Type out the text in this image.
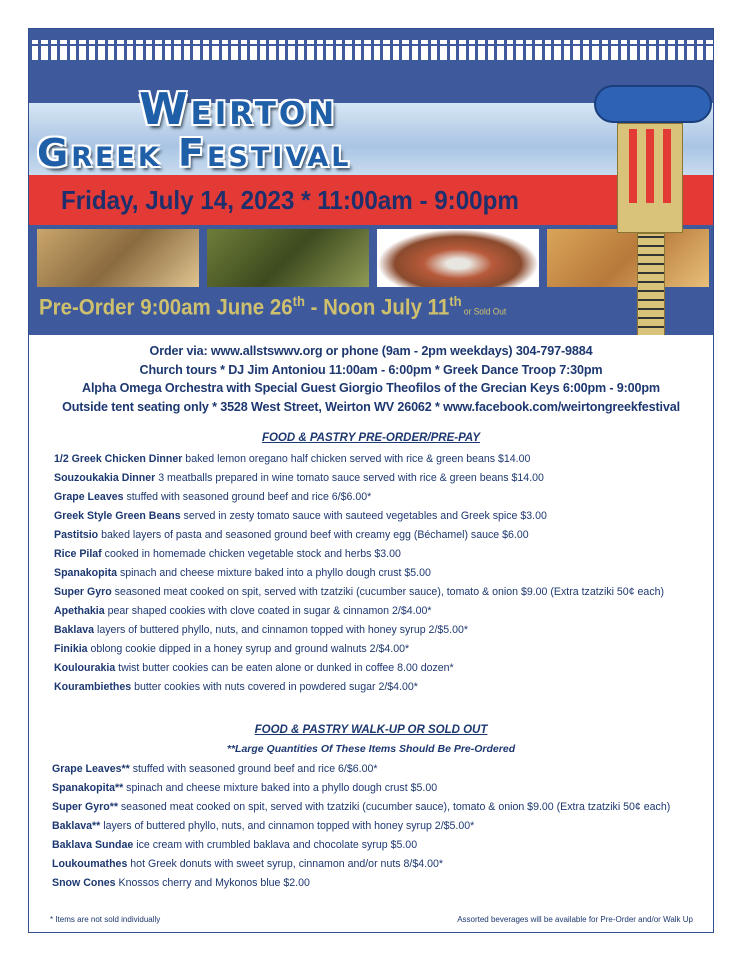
Weirton
Greek Festival
Friday, July 14, 2023 * 11:00am - 9:00pm
Pre-Order 9:00am June 26th - Noon July 11th or Sold Out
Order via: www.allstswwv.org or phone (9am - 2pm weekdays) 304-797-9884
Church tours * DJ Jim Antoniou 11:00am - 6:00pm * Greek Dance Troop 7:30pm
Alpha Omega Orchestra with Special Guest Giorgio Theofilos of the Grecian Keys 6:00pm - 9:00pm
Outside tent seating only * 3528 West Street, Weirton WV 26062 * www.facebook.com/weirtongreekfestival
FOOD & PASTRY PRE-ORDER/PRE-PAY
1/2 Greek Chicken Dinner baked lemon oregano half chicken served with rice & green beans $14.00
Souzoukakia Dinner 3 meatballs prepared in wine tomato sauce served with rice & green beans $14.00
Grape Leaves stuffed with seasoned ground beef and rice 6/$6.00*
Greek Style Green Beans served in zesty tomato sauce with sauteed vegetables and Greek spice $3.00
Pastitsio baked layers of pasta and seasoned ground beef with creamy egg (Béchamel) sauce $6.00
Rice Pilaf cooked in homemade chicken vegetable stock and herbs $3.00
Spanakopita spinach and cheese mixture baked into a phyllo dough crust $5.00
Super Gyro seasoned meat cooked on spit, served with tzatziki (cucumber sauce), tomato & onion $9.00 (Extra tzatziki 50¢ each)
Apethakia pear shaped cookies with clove coated in sugar & cinnamon 2/$4.00*
Baklava layers of buttered phyllo, nuts, and cinnamon topped with honey syrup 2/$5.00*
Finikia oblong cookie dipped in a honey syrup and ground walnuts 2/$4.00*
Koulourakia twist butter cookies can be eaten alone or dunked in coffee 8.00 dozen*
Kourambiethes butter cookies with nuts covered in powdered sugar 2/$4.00*
FOOD & PASTRY WALK-UP OR SOLD OUT
**Large Quantities Of These Items Should Be Pre-Ordered
Grape Leaves** stuffed with seasoned ground beef and rice 6/$6.00*
Spanakopita** spinach and cheese mixture baked into a phyllo dough crust $5.00
Super Gyro** seasoned meat cooked on spit, served with tzatziki (cucumber sauce), tomato & onion $9.00 (Extra tzatziki 50¢ each)
Baklava** layers of buttered phyllo, nuts, and cinnamon topped with honey syrup 2/$5.00*
Baklava Sundae ice cream with crumbled baklava and chocolate syrup $5.00
Loukoumathes hot Greek donuts with sweet syrup, cinnamon and/or nuts 8/$4.00*
Snow Cones Knossos cherry and Mykonos blue $2.00
* Items are not sold individually	Assorted beverages will be available for Pre-Order and/or Walk Up
